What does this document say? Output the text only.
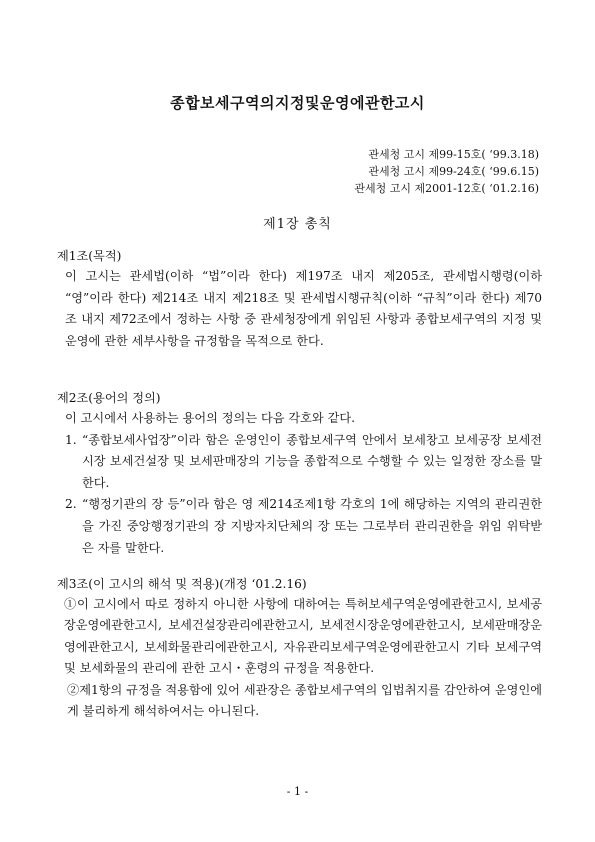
종합보세구역의지정및운영에관한고시
관세청 고시 제99-15호( ‘99.3.18)
관세청 고시 제99-24호( ‘99.6.15)
관세청 고시 제2001-12호( ‘01.2.16)
제1장 총칙

제1조(목적)

이 고시는 관세법(이하 “법”이라 한다) 제197조 내지 제205조, 관세법시행령(이하 “영”이라 한다) 제214조 내지 제218조 및 관세법시행규칙(이하 “규칙”이라 한다) 제70조 내지 제72조에서 정하는 사항 중 관세청장에게 위임된 사항과 종합보세구역의 지정 및 운영에 관한 세부사항을 규정함을 목적으로 한다.

제2조(용어의 정의)

이 고시에서 사용하는 용어의 정의는 다음 각호와 같다.

1. “종합보세사업장”이라 함은 운영인이 종합보세구역 안에서 보세창고 보세공장 보세전시장 보세건설장 및 보세판매장의 기능을 종합적으로 수행할 수 있는 일정한 장소를 말한다.
2. “행정기관의 장 등”이라 함은 영 제214조제1항 각호의 1에 해당하는 지역의 관리권한을 가진 중앙행정기관의 장 지방자치단체의 장 또는 그로부터 관리권한을 위임 위탁받은 자를 말한다.

제3조(이 고시의 해석 및 적용)(개정 ‘01.2.16)

①이 고시에서 따로 정하지 아니한 사항에 대하여는 특허보세구역운영에관한고시, 보세공장운영에관한고시, 보세건설장관리에관한고시, 보세전시장운영에관한고시, 보세판매장운영에관한고시, 보세화물관리에관한고시, 자유관리보세구역운영에관한고시 기타 보세구역 및 보세화물의 관리에 관한 고시・훈령의 규정을 적용한다.
②제1항의 규정을 적용함에 있어 세관장은 종합보세구역의 입법취지를 감안하여 운영인에게 불리하게 해석하여서는 아니된다.
- 1 -
